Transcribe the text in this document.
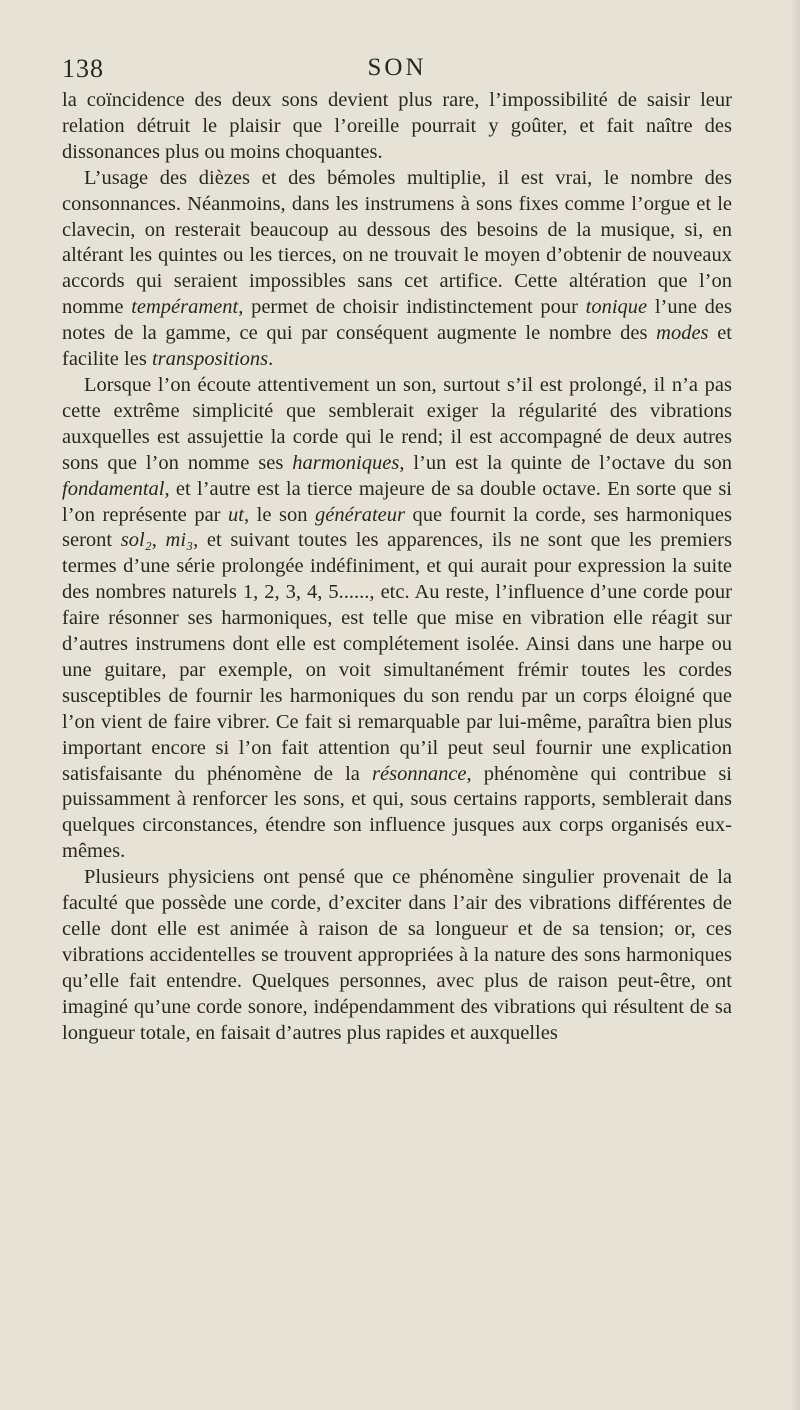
138	SON

la coïncidence des deux sons devient plus rare, l’impossibilité de saisir leur relation détruit le plaisir que l’oreille pourrait y goûter, et fait naître des dissonances plus ou moins choquantes.

L’usage des dièzes et des bémoles multiplie, il est vrai, le nombre des consonnances. Néanmoins, dans les instrumens à sons fixes comme l’orgue et le clavecin, on resterait beaucoup au dessous des besoins de la musique, si, en altérant les quintes ou les tierces, on ne trouvait le moyen d’obtenir de nouveaux accords qui seraient impossibles sans cet artifice. Cette altération que l’on nomme tempérament, permet de choisir indistinctement pour tonique l’une des notes de la gamme, ce qui par conséquent augmente le nombre des modes et facilite les transpositions.

Lorsque l’on écoute attentivement un son, surtout s’il est prolongé, il n’a pas cette extrême simplicité que semblerait exiger la régularité des vibrations auxquelles est assujettie la corde qui le rend; il est accompagné de deux autres sons que l’on nomme ses harmoniques, l’un est la quinte de l’octave du son fondamental, et l’autre est la tierce majeure de sa double octave. En sorte que si l’on représente par ut, le son générateur que fournit la corde, ses harmoniques seront sol₂, mi₃, et suivant toutes les apparences, ils ne sont que les premiers termes d’une série prolongée indéfiniment, et qui aurait pour expression la suite des nombres naturels 1, 2, 3, 4, 5......, etc. Au reste, l’influence d’une corde pour faire résonner ses harmoniques, est telle que mise en vibration elle réagit sur d’autres instrumens dont elle est complétement isolée. Ainsi dans une harpe ou une guitare, par exemple, on voit simultanément frémir toutes les cordes susceptibles de fournir les harmoniques du son rendu par un corps éloigné que l’on vient de faire vibrer. Ce fait si remarquable par lui-même, paraîtra bien plus important encore si l’on fait attention qu’il peut seul fournir une explication satisfaisante du phénomène de la résonnance, phénomène qui contribue si puissamment à renforcer les sons, et qui, sous certains rapports, semblerait dans quelques circonstances, étendre son influence jusques aux corps organisés eux-mêmes.

Plusieurs physiciens ont pensé que ce phénomène singulier provenait de la faculté que possède une corde, d’exciter dans l’air des vibrations différentes de celle dont elle est animée à raison de sa longueur et de sa tension; or, ces vibrations accidentelles se trouvent appropriées à la nature des sons harmoniques qu’elle fait entendre. Quelques personnes, avec plus de raison peut-être, ont imaginé qu’une corde sonore, indépendamment des vibrations qui résultent de sa longueur totale, en faisait d’autres plus rapides et auxquelles
